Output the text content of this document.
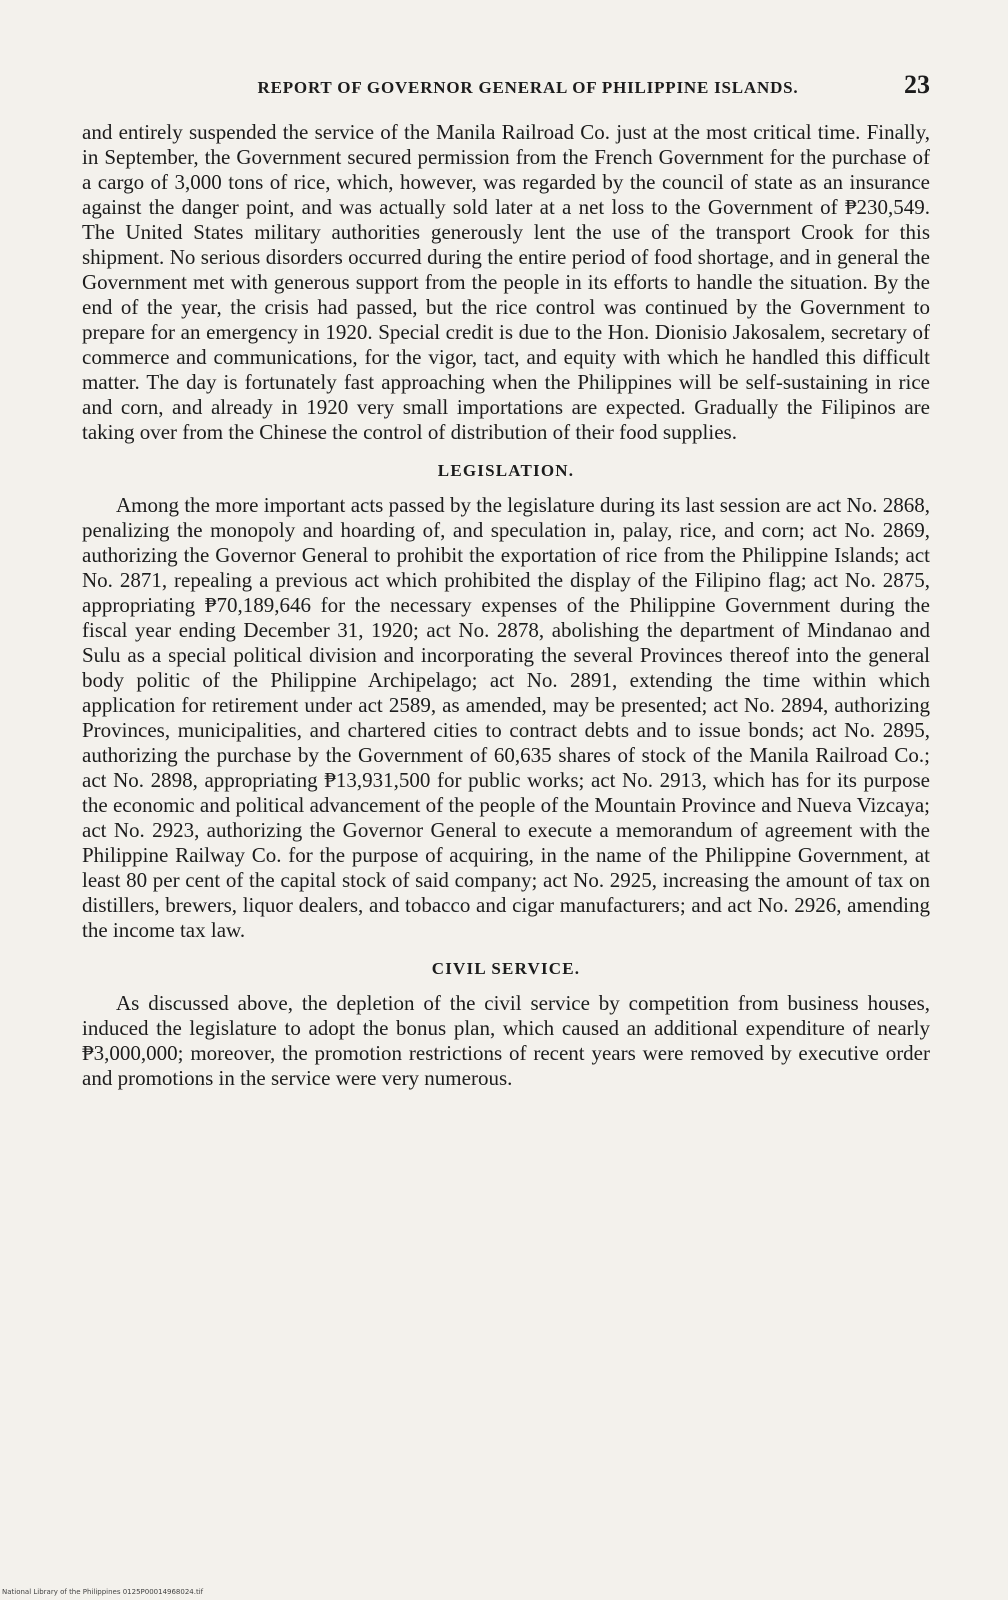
REPORT OF GOVERNOR GENERAL OF PHILIPPINE ISLANDS.	23

and entirely suspended the service of the Manila Railroad Co. just at the most critical time. Finally, in September, the Government secured permission from the French Government for the purchase of a cargo of 3,000 tons of rice, which, however, was regarded by the council of state as an insurance against the danger point, and was actually sold later at a net loss to the Government of ₱230,549. The United States military authorities generously lent the use of the transport Crook for this shipment. No serious disorders occurred during the entire period of food shortage, and in general the Government met with generous support from the people in its efforts to handle the situation. By the end of the year, the crisis had passed, but the rice control was continued by the Government to prepare for an emergency in 1920. Special credit is due to the Hon. Dionisio Jakosalem, secretary of commerce and communications, for the vigor, tact, and equity with which he handled this difficult matter. The day is fortunately fast approaching when the Philippines will be self-sustaining in rice and corn, and already in 1920 very small importations are expected. Gradually the Filipinos are taking over from the Chinese the control of distribution of their food supplies.

LEGISLATION.

Among the more important acts passed by the legislature during its last session are act No. 2868, penalizing the monopoly and hoarding of, and speculation in, palay, rice, and corn; act No. 2869, authorizing the Governor General to prohibit the exportation of rice from the Philippine Islands; act No. 2871, repealing a previous act which prohibited the display of the Filipino flag; act No. 2875, appropriating ₱70,189,646 for the necessary expenses of the Philippine Government during the fiscal year ending December 31, 1920; act No. 2878, abolishing the department of Mindanao and Sulu as a special political division and incorporating the several Provinces thereof into the general body politic of the Philippine Archipelago; act No. 2891, extending the time within which application for retirement under act 2589, as amended, may be presented; act No. 2894, authorizing Provinces, municipalities, and chartered cities to contract debts and to issue bonds; act No. 2895, authorizing the purchase by the Government of 60,635 shares of stock of the Manila Railroad Co.; act No. 2898, appropriating ₱13,931,500 for public works; act No. 2913, which has for its purpose the economic and political advancement of the people of the Mountain Province and Nueva Vizcaya; act No. 2923, authorizing the Governor General to execute a memorandum of agreement with the Philippine Railway Co. for the purpose of acquiring, in the name of the Philippine Government, at least 80 per cent of the capital stock of said company; act No. 2925, increasing the amount of tax on distillers, brewers, liquor dealers, and tobacco and cigar manufacturers; and act No. 2926, amending the income tax law.

CIVIL SERVICE.

As discussed above, the depletion of the civil service by competition from business houses, induced the legislature to adopt the bonus plan, which caused an additional expenditure of nearly ₱3,000,000; moreover, the promotion restrictions of recent years were removed by executive order and promotions in the service were very numerous.

National Library of the Philippines 0125P00014968024.tif
